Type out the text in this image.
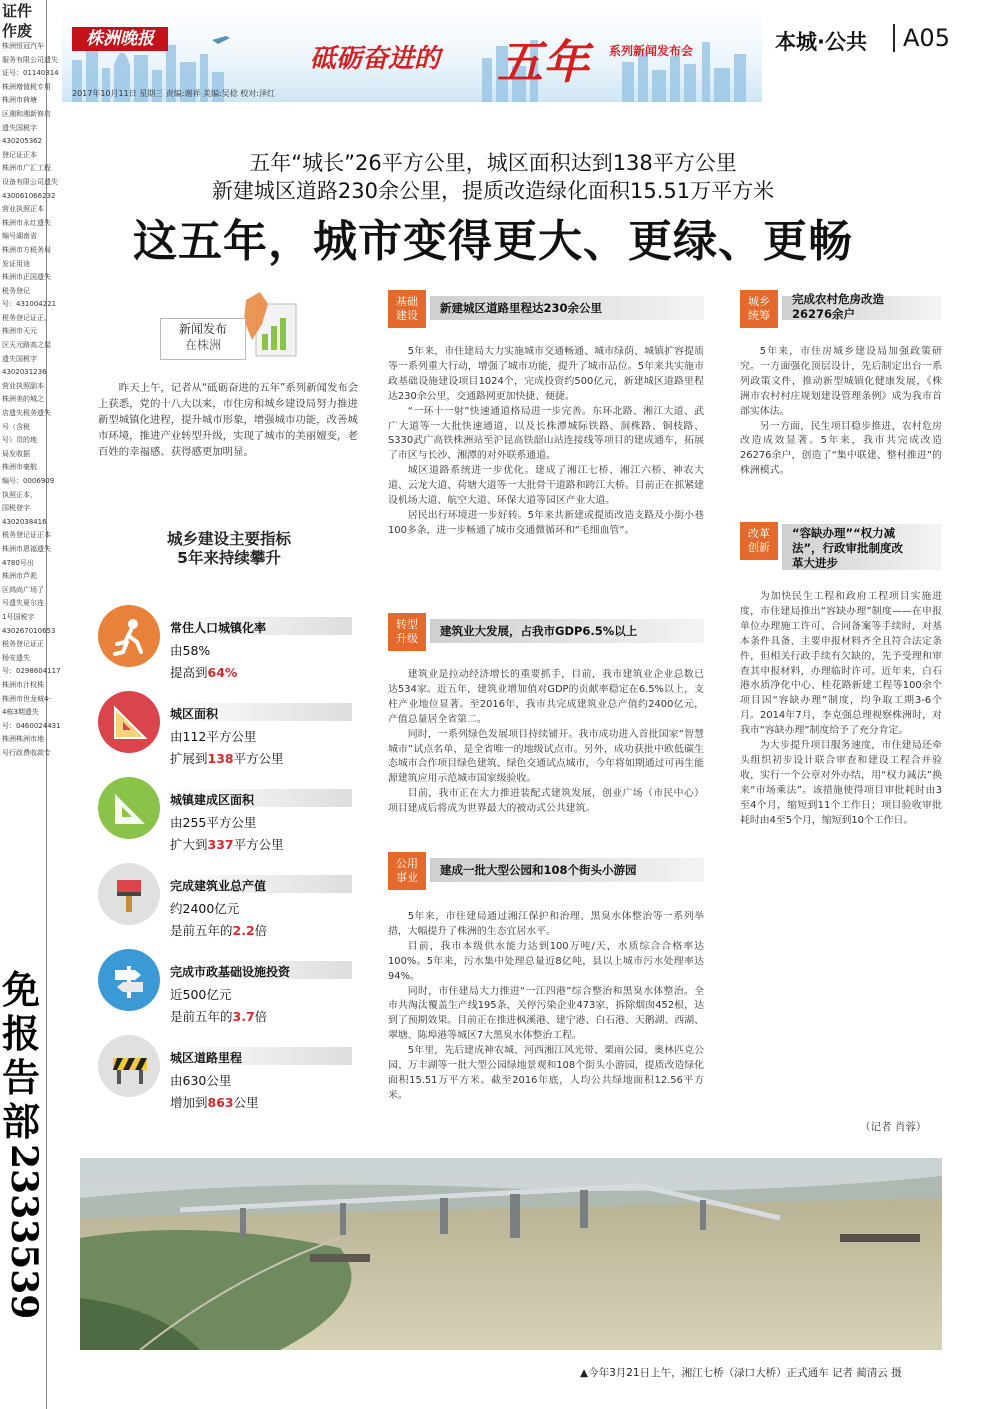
证件
作废
株洲恒冠汽车
服务有限公司遗失
证号：01140314
株洲增值税专用
株洲市荷塘
区湘和湘新修店
遗失国税字
430205362
登记证正本
株洲市广汇工程
设备有限公司遗失
430061066232
营业执照正本
株洲市永红遗失
编号湖南省
株洲市方税务局
发证用途
株洲市正国遗失
税务登记
号：431004221
税务登记证正、
株洲市天元
区天元路高之屋
遗失国税字
4302031236
营业执照副本
株洲美的城之
店遗失税务遗失
号（含税
号）员的地
局发收据
株洲市豪航
编号：0006909
执照正本，
国税登字
4302038416
税务登记证正本
株洲市恩福遗失
4780号出
株洲市芦淞
区鸿尚广场了
号遗失夏尔连
1号国税字
430267010653
税务登记证正
杨安遗失
号：0298604117
株洲市汁权株
株洲市世龙城4-
4栋3期遗失
号：0460024431
株洲株洲市地
号行政费收款专
免
报
告
部
2333539
株洲晚报
2017年10月11日 星期三 责编:谢祥 美编:吴稔 校对:泽红
砥砺奋进的 五年 系列新闻发布会	本城·公共	A05
五年“城长”26平方公里，城区面积达到138平方公里
新建城区道路230余公里，提质改造绿化面积15.51万平方米
这五年，城市变得更大、更绿、更畅
新闻发布
在株洲
昨天上午，记者从“砥砺奋进的五年”系列新闻发布会上获悉，党的十八大以来，市住房和城乡建设局努力推进新型城镇化进程，提升城市形象，增强城市功能，改善城市环境，推进产业转型升级，实现了城市的美丽嬗变，老百姓的幸福感、获得感更加明显。
城乡建设主要指标
5年来持续攀升
常住人口城镇化率
由58%
提高到64%
城区面积
由112平方公里
扩展到138平方公里
城镇建成区面积
由255平方公里
扩大到337平方公里
完成建筑业总产值
约2400亿元
是前五年的2.2倍
完成市政基础设施投资
近500亿元
是前五年的3.7倍
城区道路里程
由630公里
增加到863公里
基础
建设
新建城区道路里程达230余公里

5年来，市住建局大力实施城市交通畅通、城市绿荫、城镇扩容提质等一系列重大行动，增强了城市功能，提升了城市品位。5年来共实施市政基础设施建设项目1024个，完成投资约500亿元，新建城区道路里程达230余公里，交通路网更加快捷、便捷。

“一环十一射”快速通道格局进一步完善。东环北路、湘江大道、武广大道等一大批快速通道，以及长株潭城际铁路、洞株路、铜枝路、S330武广高铁株洲站至沪昆高铁韶山站连接线等项目的建成通车，拓展了市区与长沙、湘潭的对外联系通道。

城区道路系统进一步优化。建成了湘江七桥、湘江六桥、神农大道、云龙大道、荷塘大道等一大批骨干道路和跨江大桥。目前正在抓紧建设机场大道、航空大道、环保大道等园区产业大道。

居民出行环境进一步好转。5年来共新建或提质改造支路及小街小巷100多条，进一步畅通了城市交通微循环和“毛细血管”。

转型
升级
建筑业大发展，占我市GDP6.5%以上

建筑业是拉动经济增长的重要抓手，目前，我市建筑业企业总数已达534家。近五年，建筑业增加值对GDP的贡献率稳定在6.5%以上，支柱产业地位显著。至2016年，我市共完成建筑业总产值约2400亿元，产值总量居全省第二。

同时，一系列绿色发展项目持续铺开。我市成功进入首批国家“智慧城市”试点名单，是全省唯一的地级试点市。另外，成功获批中欧低碳生态城市合作项目绿色建筑、绿色交通试点城市，今年将如期通过可再生能源建筑应用示范城市国家级验收。

目前，我市正在大力推进装配式建筑发展，创业广场（市民中心）项目建成后将成为世界最大的被动式公共建筑。

公用
事业
建成一批大型公园和108个街头小游园

5年来，市住建局通过湘江保护和治理、黑臭水体整治等一系列举措，大幅提升了株洲的生态宜居水平。

目前，我市本级供水能力达到100万吨/天，水质综合合格率达100%。5年来，污水集中处理总量近8亿吨，县以上城市污水处理率达94%。

同时，市住建局大力推进“一江四港”综合整治和黑臭水体整治。全市共淘汰覆盖生产线195条，关停污染企业473家，拆除烟囱452根，达到了预期效果。目前正在推进枫溪港、建宁港、白石港、天鹅湖、西湖、翠塘、陈埠港等城区7大黑臭水体整治工程。

5年里，先后建成神农城、河西湘江风光带、栗雨公园、奥林匹克公园、万丰湖等一批大型公园绿地景观和108个街头小游园，提质改造绿化面积15.51万平方米。截至2016年底，人均公共绿地面积12.56平方米。

城乡
统筹
完成农村危房改造
26276余户

5年来，市住房城乡建设局加强政策研究。一方面强化顶层设计，先后制定出台一系列政策文件，推动新型城镇化健康发展，《株洲市农村村庄规划建设管理条例》成为我市首部实体法。

另一方面，民生项目稳步推进，农村危房改造成效显著。5年来，我市共完成改造26276余户，创造了“集中联建、整村推进”的株洲模式。

改革
创新
“容缺办理”“权力减
法”，行政审批制度改
革大进步

为加快民生工程和政府工程项目实施进度，市住建局推出“容缺办理”制度——在申报单位办理施工许可、合同备案等手续时，对基本条件具备、主要申报材料齐全且符合法定条件，但相关行政手续有欠缺的，先予受理和审查其申报材料，办理临时许可。近年来，白石港水质净化中心、桂花路新建工程等100余个项目因“容缺办理”制度，均争取工期3-6个月。2014年7月，李克强总理视察株洲时，对我市“容缺办理”制度给予了充分肯定。

为大步提升项目服务速度，市住建局还牵头组织初步设计联合审查和建设工程合并验收，实行一个公章对外办结，用“权力减法”换来“市场乘法”。该措施使得项目审批耗时由3至4个月，缩短到11个工作日；项目验收审批耗时由4至5个月，缩短到10个工作日。

（记者 肖蓉）
▲今年3月21日上午，湘江七桥（渌口大桥）正式通车 记者 蔺清云 摄
